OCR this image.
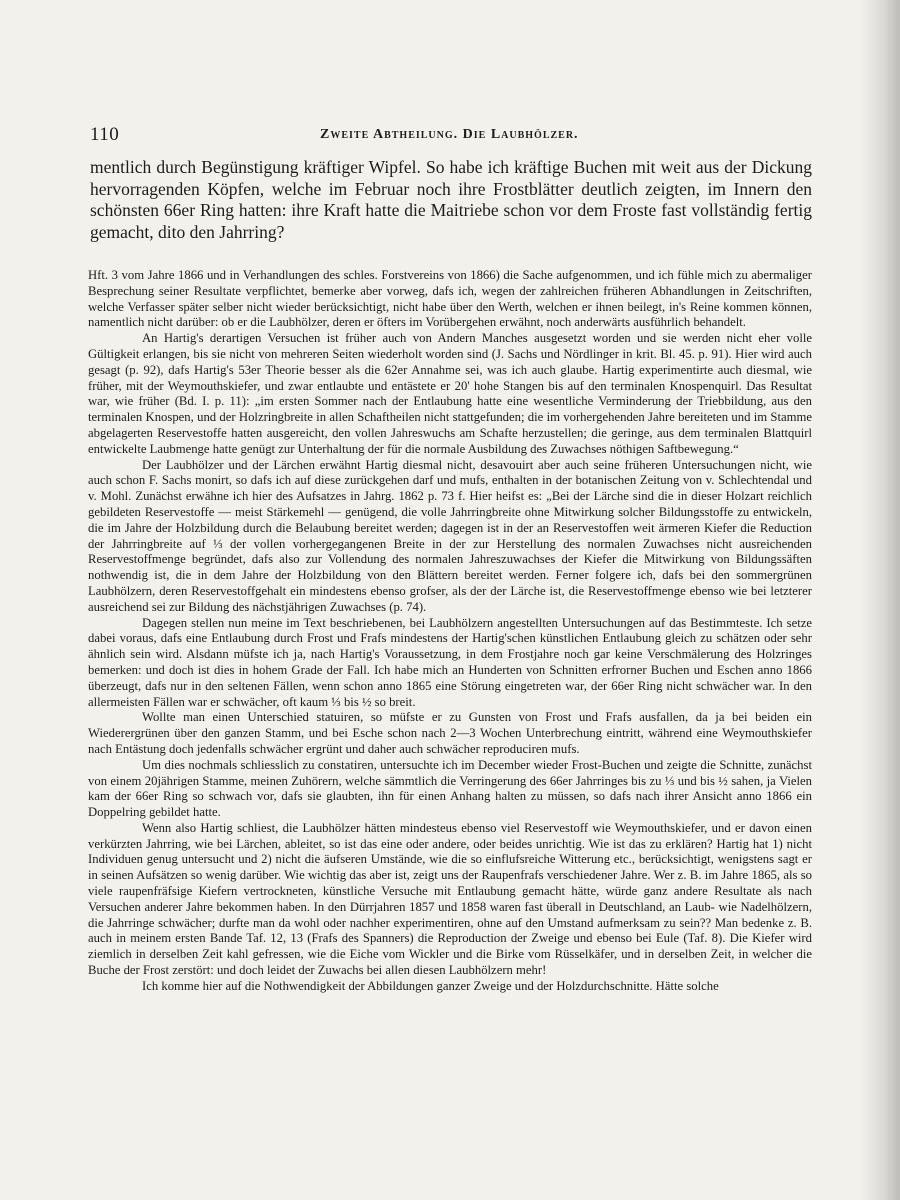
110	Zweite Abtheilung. Die Laubhölzer.

mentlich durch Begünstigung kräftiger Wipfel. So habe ich kräftige Buchen mit weit aus der Dickung hervorragenden Köpfen, welche im Februar noch ihre Frostblätter deutlich zeigten, im Innern den schönsten 66er Ring hatten: ihre Kraft hatte die Maitriebe schon vor dem Froste fast vollständig fertig gemacht, dito den Jahrring?

Hft. 3 vom Jahre 1866 und in Verhandlungen des schles. Forstvereins von 1866) die Sache aufgenommen, und ich fühle mich zu abermaliger Besprechung seiner Resultate verpflichtet, bemerke aber vorweg, dafs ich, wegen der zahlreichen früheren Abhandlungen in Zeitschriften, welche Verfasser später selber nicht wieder berücksichtigt, nicht habe über den Werth, welchen er ihnen beilegt, in's Reine kommen können, namentlich nicht darüber: ob er die Laubhölzer, deren er öfters im Vorübergehen erwähnt, noch anderwärts ausführlich behandelt.

An Hartig's derartigen Versuchen ist früher auch von Andern Manches ausgesetzt worden und sie werden nicht eher volle Gültigkeit erlangen, bis sie nicht von mehreren Seiten wiederholt worden sind (J. Sachs und Nördlinger in krit. Bl. 45. p. 91). Hier wird auch gesagt (p. 92), dafs Hartig's 53er Theorie besser als die 62er Annahme sei, was ich auch glaube. Hartig experimentirte auch diesmal, wie früher, mit der Weymouthskiefer, und zwar entlaubte und entästete er 20' hohe Stangen bis auf den terminalen Knospenquirl. Das Resultat war, wie früher (Bd. I. p. 11): „im ersten Sommer nach der Entlaubung hatte eine wesentliche Verminderung der Triebbildung, aus den terminalen Knospen, und der Holzringbreite in allen Schaftheilen nicht stattgefunden; die im vorhergehenden Jahre bereiteten und im Stamme abgelagerten Reservestoffe hatten ausgereicht, den vollen Jahreswuchs am Schafte herzustellen; die geringe, aus dem terminalen Blattquirl entwickelte Laubmenge hatte genügt zur Unterhaltung der für die normale Ausbildung des Zuwachses nöthigen Saftbewegung.“

Der Laubhölzer und der Lärchen erwähnt Hartig diesmal nicht, desavouirt aber auch seine früheren Untersuchungen nicht, wie auch schon F. Sachs monirt, so dafs ich auf diese zurückgehen darf und mufs, enthalten in der botanischen Zeitung von v. Schlechtendal und v. Mohl. Zunächst erwähne ich hier des Aufsatzes in Jahrg. 1862 p. 73 f. Hier heifst es: „Bei der Lärche sind die in dieser Holzart reichlich gebildeten Reservestoffe — meist Stärkemehl — genügend, die volle Jahrringbreite ohne Mitwirkung solcher Bildungsstoffe zu entwickeln, die im Jahre der Holzbildung durch die Belaubung bereitet werden; dagegen ist in der an Reservestoffen weit ärmeren Kiefer die Reduction der Jahrringbreite auf ⅓ der vollen vorhergegangenen Breite in der zur Herstellung des normalen Zuwachses nicht ausreichenden Reservestoffmenge begründet, dafs also zur Vollendung des normalen Jahreszuwachses der Kiefer die Mitwirkung von Bildungssäften nothwendig ist, die in dem Jahre der Holzbildung von den Blättern bereitet werden. Ferner folgere ich, dafs bei den sommergrünen Laubhölzern, deren Reservestoffgehalt ein mindestens ebenso grofser, als der der Lärche ist, die Reservestoffmenge ebenso wie bei letzterer ausreichend sei zur Bildung des nächstjährigen Zuwachses (p. 74).

Dagegen stellen nun meine im Text beschriebenen, bei Laubhölzern angestellten Untersuchungen auf das Bestimmteste. Ich setze dabei voraus, dafs eine Entlaubung durch Frost und Frafs mindestens der Hartig'schen künstlichen Entlaubung gleich zu schätzen oder sehr ähnlich sein wird. Alsdann müfste ich ja, nach Hartig's Voraussetzung, in dem Frostjahre noch gar keine Verschmälerung des Holzringes bemerken: und doch ist dies in hohem Grade der Fall. Ich habe mich an Hunderten von Schnitten erfrorner Buchen und Eschen anno 1866 überzeugt, dafs nur in den seltenen Fällen, wenn schon anno 1865 eine Störung eingetreten war, der 66er Ring nicht schwächer war. In den allermeisten Fällen war er schwächer, oft kaum ⅓ bis ½ so breit.

Wollte man einen Unterschied statuiren, so müfste er zu Gunsten von Frost und Frafs ausfallen, da ja bei beiden ein Wiederergrünen über den ganzen Stamm, und bei Esche schon nach 2—3 Wochen Unterbrechung eintritt, während eine Weymouthskiefer nach Entästung doch jedenfalls schwächer ergrünt und daher auch schwächer reproduciren mufs.

Um dies nochmals schliesslich zu constatiren, untersuchte ich im December wieder Frost-Buchen und zeigte die Schnitte, zunächst von einem 20jährigen Stamme, meinen Zuhörern, welche sämmtlich die Verringerung des 66er Jahrringes bis zu ⅓ und bis ½ sahen, ja Vielen kam der 66er Ring so schwach vor, dafs sie glaubten, ihn für einen Anhang halten zu müssen, so dafs nach ihrer Ansicht anno 1866 ein Doppelring gebildet hatte.

Wenn also Hartig schliest, die Laubhölzer hätten mindesteus ebenso viel Reservestoff wie Weymouthskiefer, und er davon einen verkürzten Jahrring, wie bei Lärchen, ableitet, so ist das eine oder andere, oder beides unrichtig. Wie ist das zu erklären? Hartig hat 1) nicht Individuen genug untersucht und 2) nicht die äufseren Umstände, wie die so einflufsreiche Witterung etc., berücksichtigt, wenigstens sagt er in seinen Aufsätzen so wenig darüber. Wie wichtig das aber ist, zeigt uns der Raupenfrafs verschiedener Jahre. Wer z. B. im Jahre 1865, als so viele raupenfräfsige Kiefern vertrockneten, künstliche Versuche mit Entlaubung gemacht hätte, würde ganz andere Resultate als nach Versuchen anderer Jahre bekommen haben. In den Dürrjahren 1857 und 1858 waren fast überall in Deutschland, an Laub- wie Nadelhölzern, die Jahrringe schwächer; durfte man da wohl oder nachher experimentiren, ohne auf den Umstand aufmerksam zu sein?? Man bedenke z. B. auch in meinem ersten Bande Taf. 12, 13 (Frafs des Spanners) die Reproduction der Zweige und ebenso bei Eule (Taf. 8). Die Kiefer wird ziemlich in derselben Zeit kahl gefressen, wie die Eiche vom Wickler und die Birke vom Rüsselkäfer, und in derselben Zeit, in welcher die Buche der Frost zerstört: und doch leidet der Zuwachs bei allen diesen Laubhölzern mehr!

Ich komme hier auf die Nothwendigkeit der Abbildungen ganzer Zweige und der Holzdurchschnitte. Hätte solche
